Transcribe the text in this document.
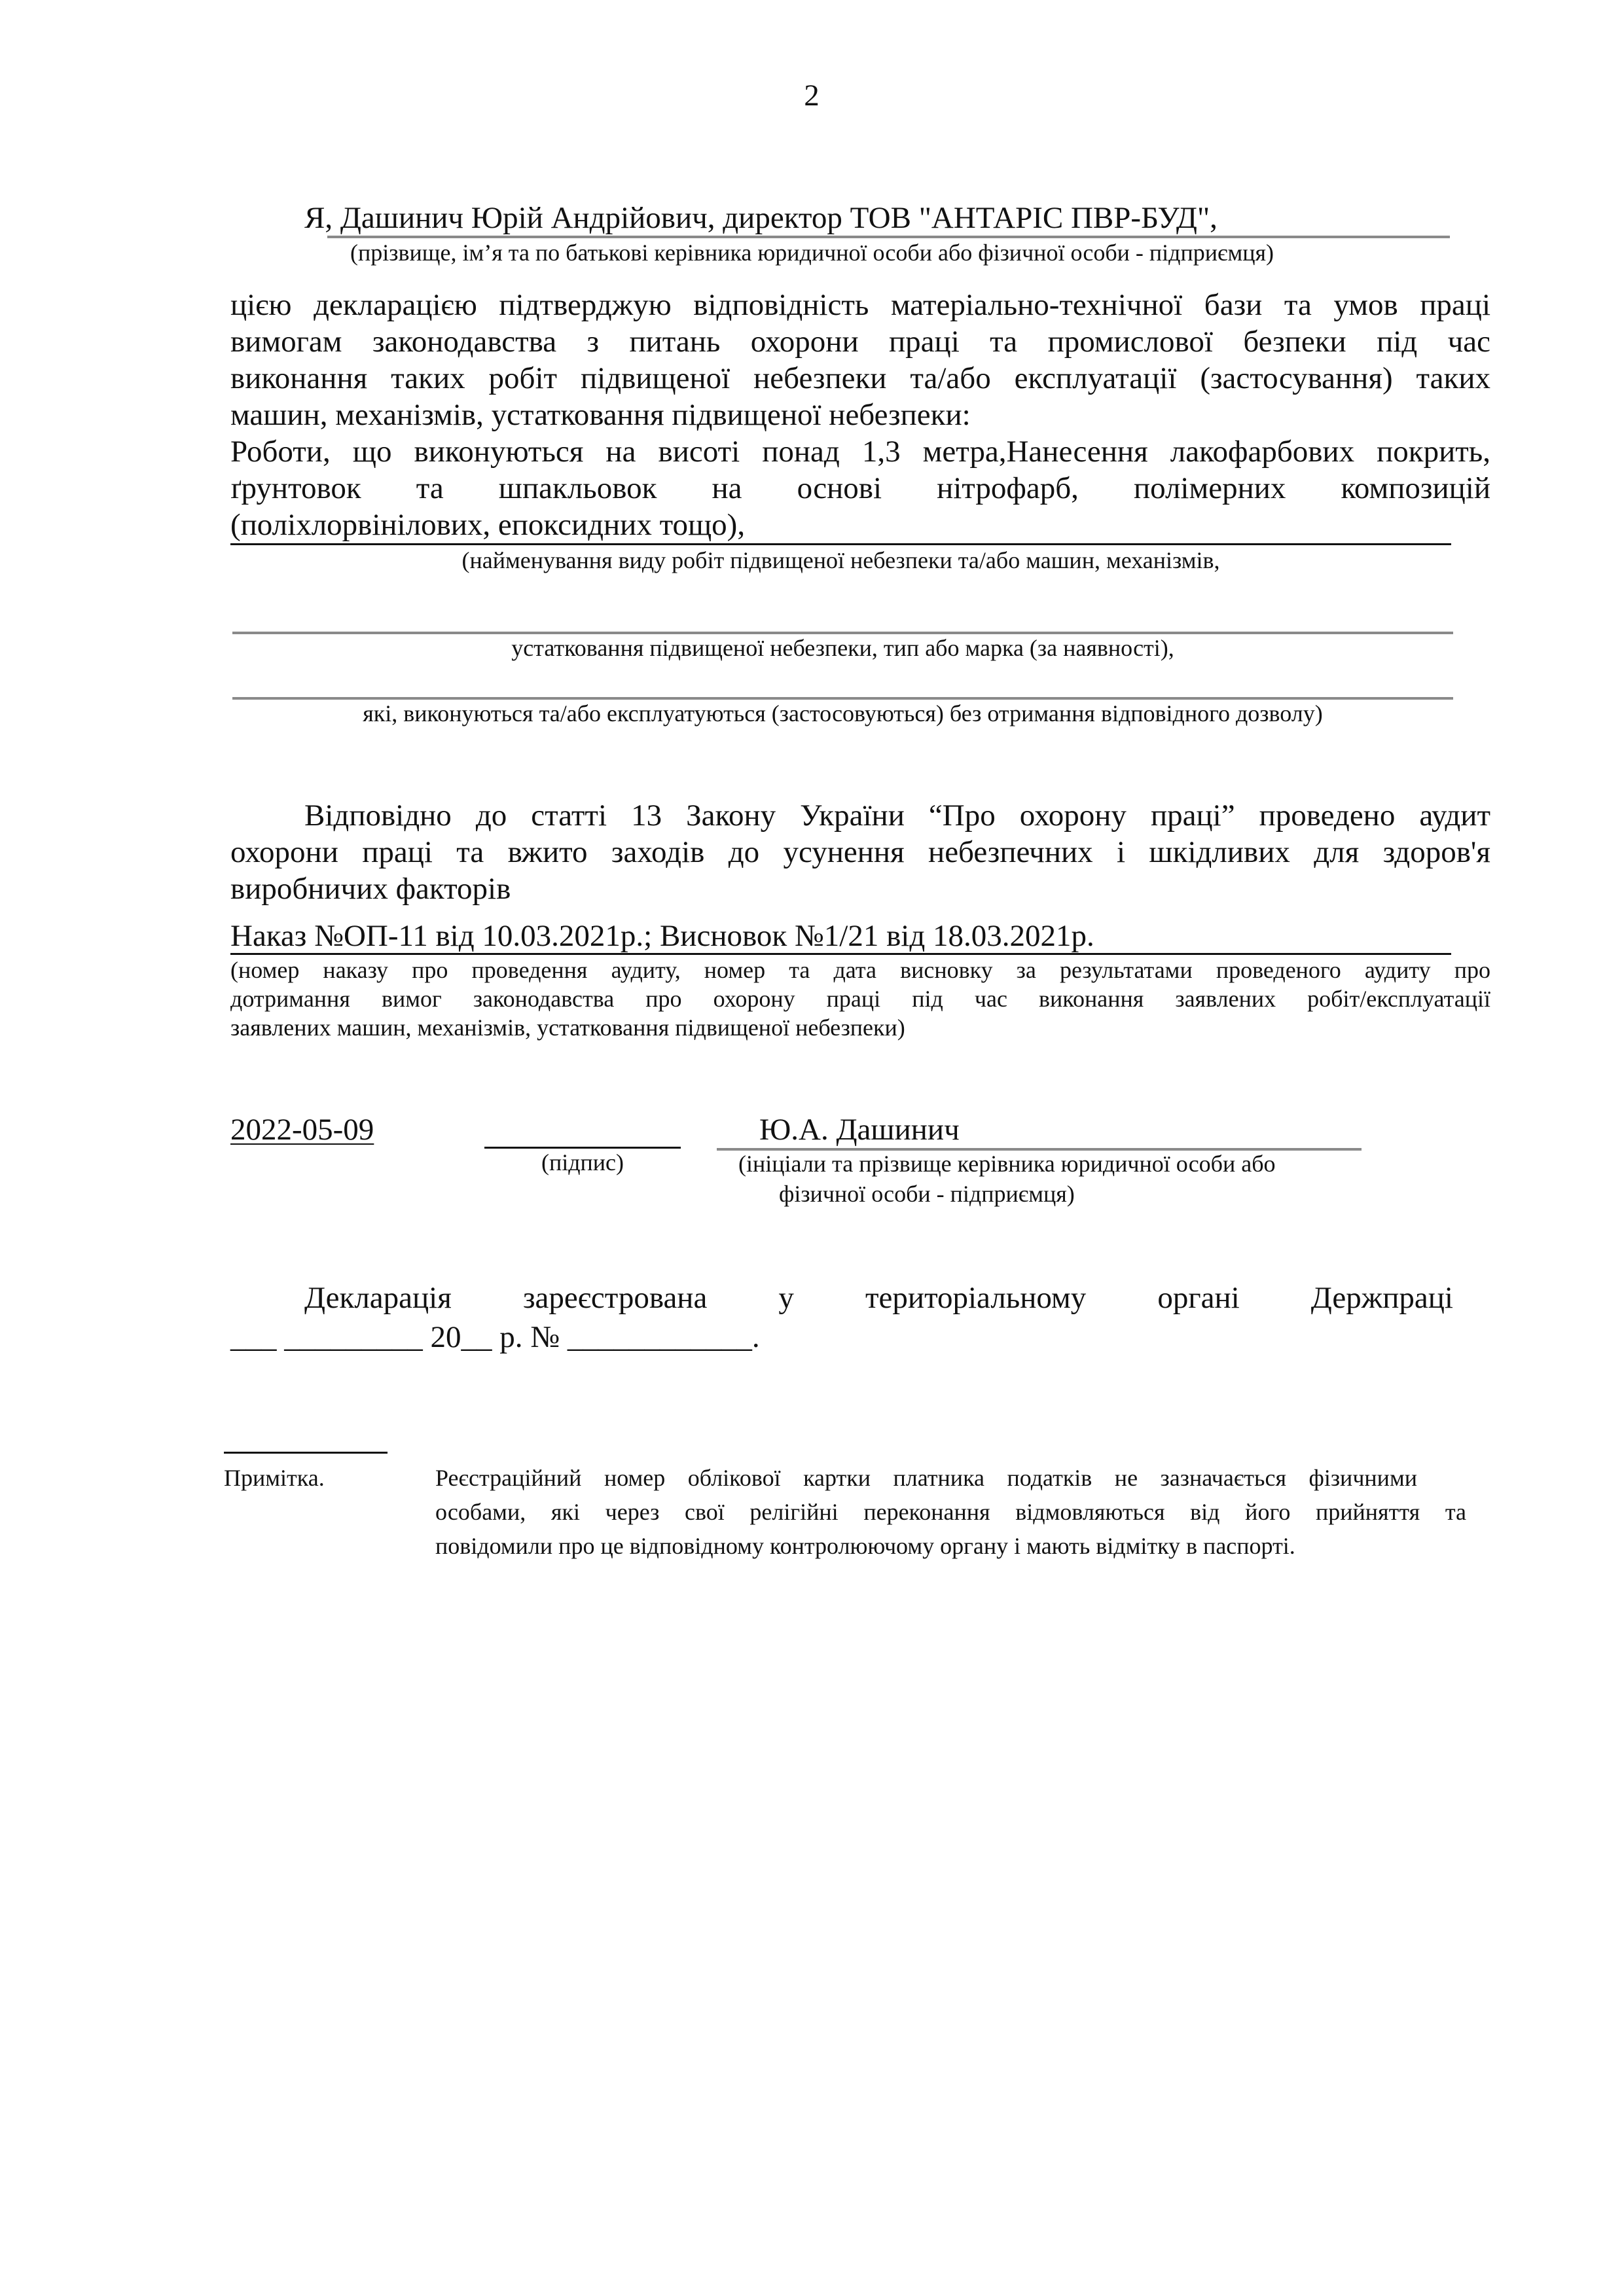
2
Я, Дашинич Юрій Андрійович, директор ТОВ "АНТАРІС ПВР-БУД",
(прізвище, ім’я та по батькові керівника юридичної особи або фізичної особи - підприємця)
цією декларацією підтверджую відповідність матеріально-технічної бази та умов праці
вимогам законодавства з питань охорони праці та промислової безпеки під час
виконання таких робіт підвищеної небезпеки та/або експлуатації (застосування) таких
машин, механізмів, устатковання підвищеної небезпеки:
Роботи, що виконуються на висоті понад 1,3 метра,Нанесення лакофарбових покрить,
ґрунтовок та шпакльовок на основі нітрофарб, полімерних композицій
(поліхлорвінілових, епоксидних тощо),
(найменування виду робіт підвищеної небезпеки та/або машин, механізмів,
устатковання підвищеної небезпеки, тип або марка (за наявності),
які, виконуються та/або експлуатуються (застосовуються) без отримання відповідного дозволу)
Відповідно до статті 13 Закону України “Про охорону праці” проведено аудит
охорони праці та вжито заходів до усунення небезпечних і шкідливих для здоров'я
виробничих факторів
Наказ №ОП-11 від 10.03.2021р.; Висновок №1/21 від 18.03.2021р.
(номер наказу про проведення аудиту, номер та дата висновку за результатами проведеного аудиту про
дотримання вимог законодавства про охорону праці під час виконання заявлених робіт/експлуатації
заявлених машин, механізмів, устатковання підвищеної небезпеки)
2022-05-09
(підпис)
Ю.А. Дашинич
(ініціали та прізвище керівника юридичної особи або
фізичної особи - підприємця)
Декларація зареєстрована у територіальному органі Держпраці
___ _________ 20__ р. № ____________.
Примітка.	Реєстраційний номер облікової картки платника податків не зазначається фізичними
особами, які через свої релігійні переконання відмовляються від його прийняття та
повідомили про це відповідному контролюючому органу і мають відмітку в паспорті.
